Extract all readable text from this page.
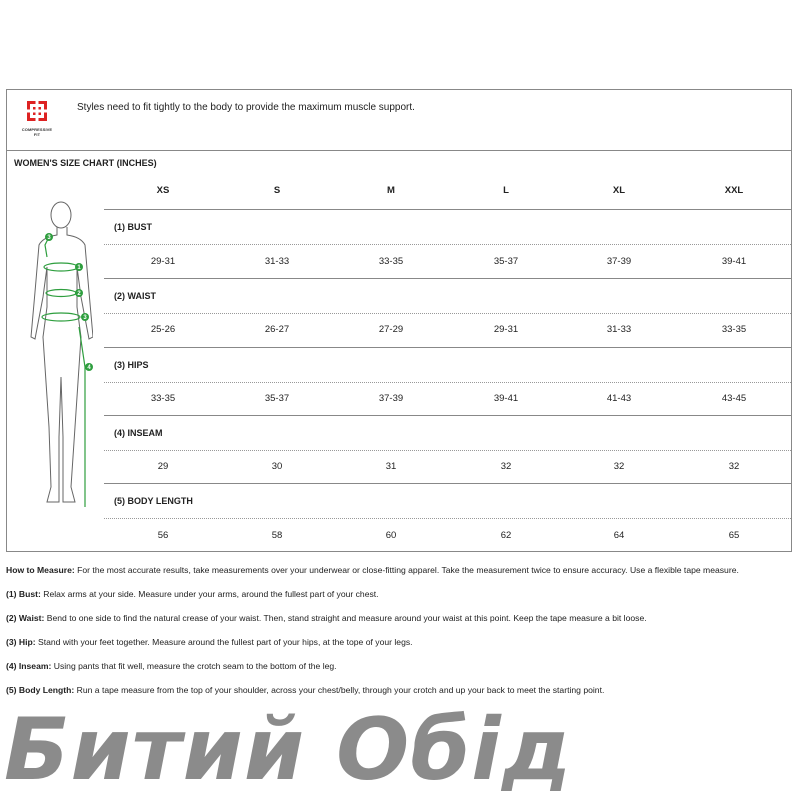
COMPRESSIVE FIT
Styles need to fit tightly to the body to provide the maximum muscle support.
WOMEN'S SIZE CHART (INCHES)
3
1
2
3
4
XS	S	M	L	XL	XXL
(1) BUST
29-31	31-33	33-35	35-37	37-39	39-41
(2) WAIST
25-26	26-27	27-29	29-31	31-33	33-35
(3) HIPS
33-35	35-37	37-39	39-41	41-43	43-45
(4) INSEAM
29	30	31	32	32	32
(5) BODY LENGTH
56	58	60	62	64	65

How to Measure: For the most accurate results, take measurements over your underwear or close-fitting apparel. Take the measurement twice to ensure accuracy. Use a flexible tape measure.

(1) Bust: Relax arms at your side. Measure under your arms, around the fullest part of your chest.

(2) Waist: Bend to one side to find the natural crease of your waist. Then, stand straight and measure around your waist at this point. Keep the tape measure a bit loose.

(3) Hip: Stand with your feet together. Measure around the fullest part of your hips, at the tope of your legs.

(4) Inseam: Using pants that fit well, measure the crotch seam to the bottom of the leg.

(5) Body Length: Run a tape measure from the top of your shoulder, across your chest/belly, through your crotch and up your back to meet the starting point.

Битий Обід
